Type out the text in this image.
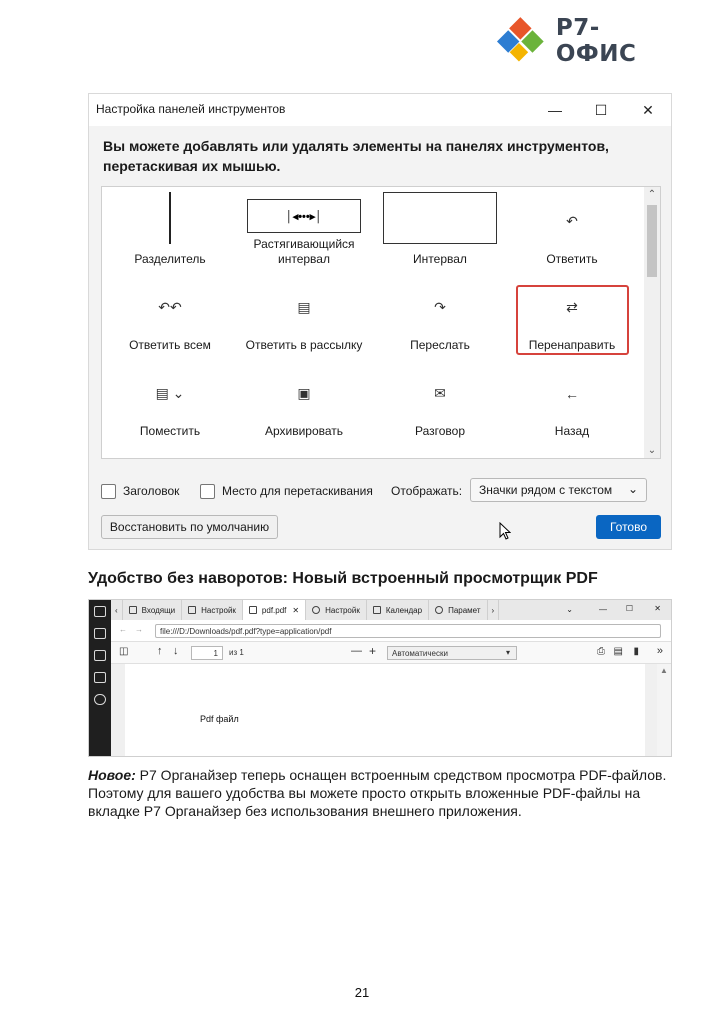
Р7-ОФИС
Настройка панелей инструментов	—	☐	✕
Вы можете добавлять или удалять элементы на панелях инструментов, перетаскивая их мышью.
Разделитель
│◂•••▸│
Растягивающийся интервал	Интервал
↶
Ответить
↶↶
Ответить всем
▤
Ответить в рассылку
↷
Переслать
⇄
Перенаправить
▤ ⌄
Поместить
▣
Архивировать
✉
Разговор
←
Назад
⌃
⌄
Заголовок	Место для перетаскивания Отображать:	Значки рядом с текстом ⌄
Восстановить по умолчанию	Готово
Удобство без наворотов: Новый встроенный просмотрщик PDF
‹	Входящи	Настройк	pdf.pdf ✕	Настройк	Календар	Парамет	›	⌄	— ☐	✕
← →	file:///D:/Downloads/pdf.pdf?type=application/pdf
◫	↑ ↓	1	из 1	— +	Автоматически	▾	⎙ ▤ ▮ »
Pdf файл
▲
Новое: Р7 Органайзер теперь оснащен встроенным средством просмотра PDF-файлов. Поэтому для вашего удобства вы можете просто открыть вложенные PDF-файлы на вкладке Р7 Органайзер без использования внешнего приложения.
21
